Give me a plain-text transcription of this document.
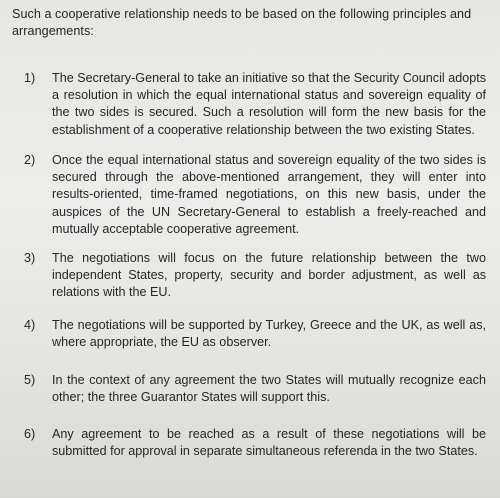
Such a cooperative relationship needs to be based on the following principles and arrangements:
1)	The Secretary-General to take an initiative so that the Security Council adopts a resolution in which the equal international status and sovereign equality of the two sides is secured. Such a resolution will form the new basis for the establishment of a cooperative relationship between the two existing States.
2)	Once the equal international status and sovereign equality of the two sides is secured through the above-mentioned arrangement, they will enter into results-oriented, time-framed negotiations, on this new basis, under the auspices of the UN Secretary-General to establish a freely-reached and mutually acceptable cooperative agreement.
3)	The negotiations will focus on the future relationship between the two independent States, property, security and border adjustment, as well as relations with the EU.
4)	The negotiations will be supported by Turkey, Greece and the UK, as well as, where appropriate, the EU as observer.
5)	In the context of any agreement the two States will mutually recognize each other; the three Guarantor States will support this.
6)	Any agreement to be reached as a result of these negotiations will be submitted for approval in separate simultaneous referenda in the two States.
